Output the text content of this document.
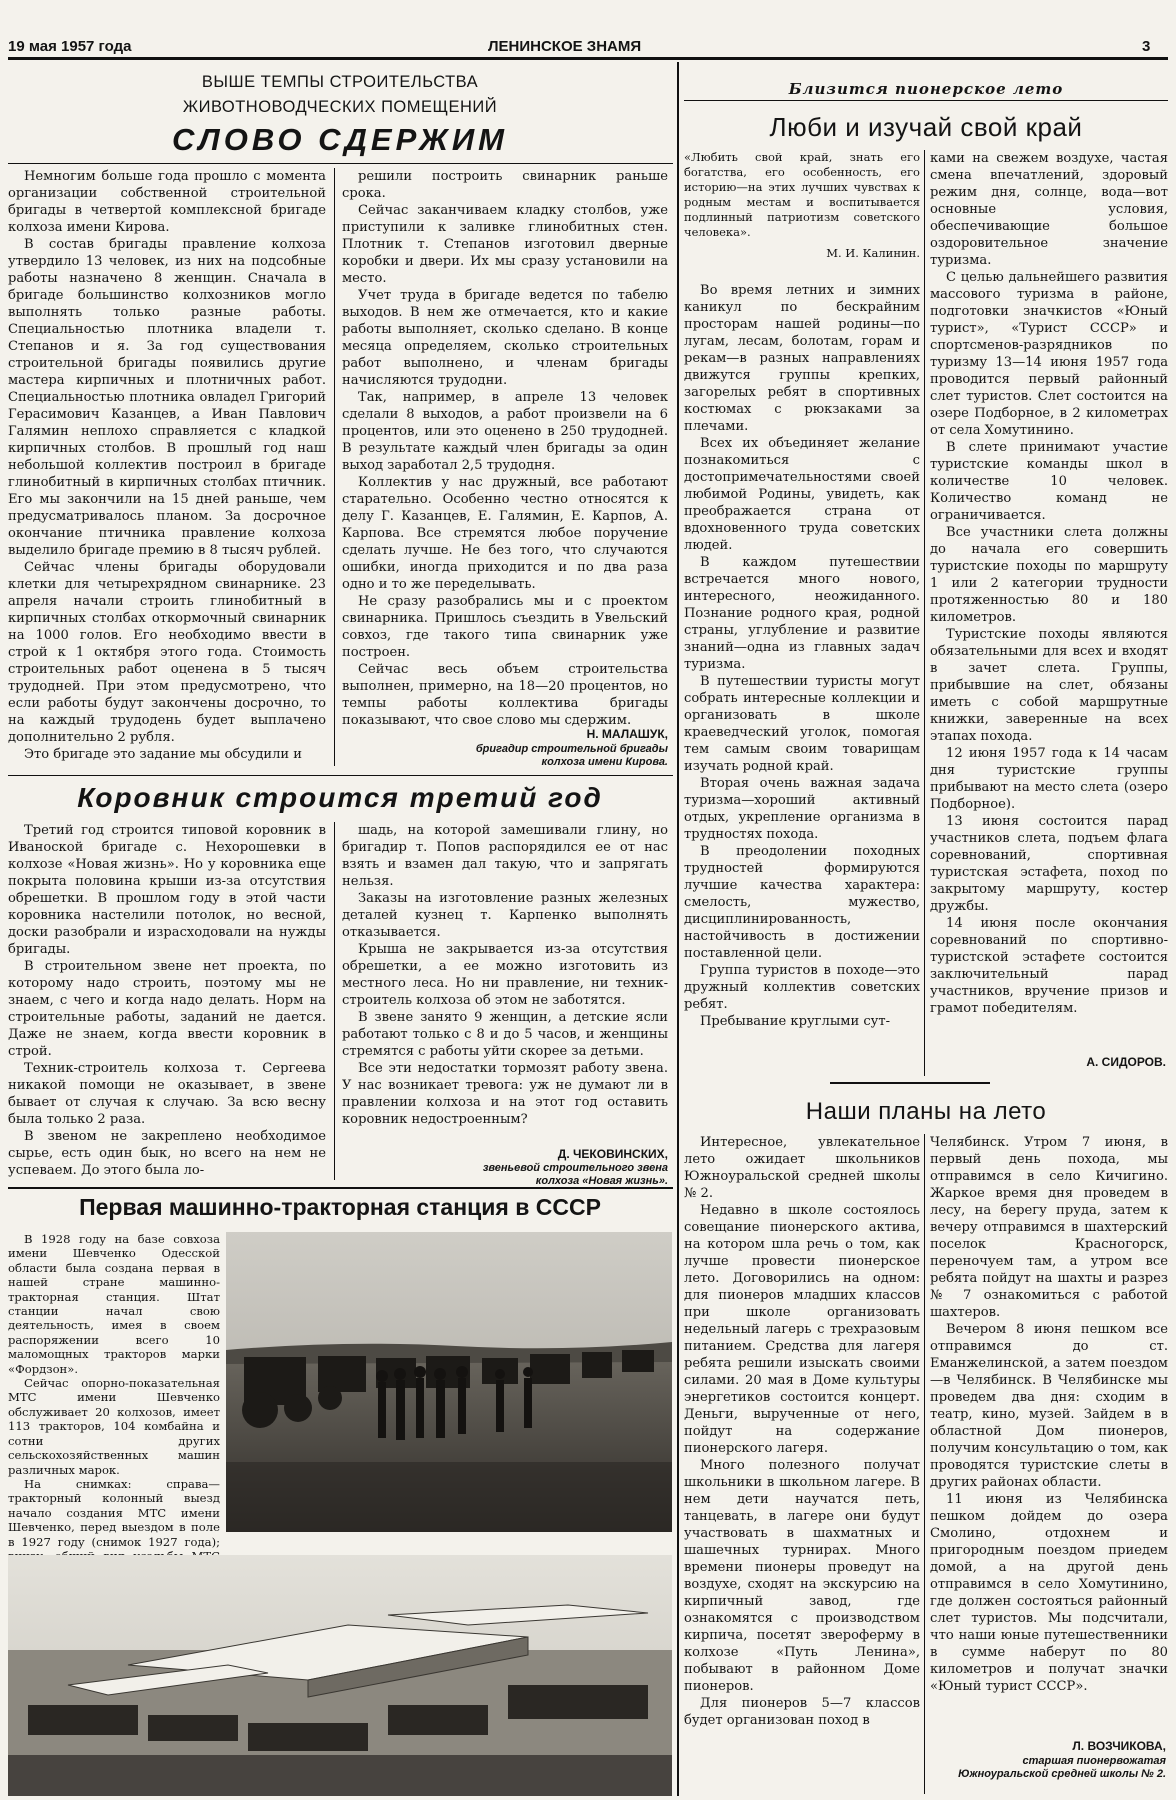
19 мая 1957 года	ЛЕНИНСКОЕ ЗНАМЯ	3
ВЫШЕ ТЕМПЫ СТРОИТЕЛЬСТВА
ЖИВОТНОВОДЧЕСКИХ ПОМЕЩЕНИЙ
СЛОВО СДЕРЖИМ

Немногим больше года прошло с момента организации собственной строительной бригады в четвертой комплексной бригаде колхоза имени Кирова.

В состав бригады правление колхоза утвердило 13 человек, из них на подсобные работы назначено 8 женщин. Сначала в бригаде большинство колхозников могло выполнять только разные работы. Специальностью плотника владели т. Степанов и я. За год существования строительной бригады появились другие мастера кирпичных и плотничных работ. Специальностью плотника овладел Григорий Герасимович Казанцев, а Иван Павлович Галямин неплохо справляется с кладкой кирпичных столбов. В прошлый год наш небольшой коллектив построил в бригаде глинобитный в кирпичных столбах птичник. Его мы закончили на 15 дней раньше, чем предусматривалось планом. За досрочное окончание птичника правление колхоза выделило бригаде премию в 8 тысяч рублей.

Сейчас члены бригады оборудовали клетки для четырехрядном свинарнике. 23 апреля начали строить глинобитный в кирпичных столбах откормочный свинарник на 1000 голов. Его необходимо ввести в строй к 1 октября этого года. Стоимость строительных работ оценена в 5 тысяч трудодней. При этом предусмотрено, что если работы будут закончены досрочно, то на каждый трудодень будет выплачено дополнительно 2 рубля.

Это бригаде это задание мы обсудили и

решили построить свинарник раньше срока.

Сейчас заканчиваем кладку столбов, уже приступили к заливке глинобитных стен. Плотник т. Степанов изготовил дверные коробки и двери. Их мы сразу установили на место.

Учет труда в бригаде ведется по табелю выходов. В нем же отмечается, кто и какие работы выполняет, сколько сделано. В конце месяца определяем, сколько строительных работ выполнено, и членам бригады начисляются трудодни.

Так, например, в апреле 13 человек сделали 8 выходов, а работ произвели на 6 процентов, или это оценено в 250 трудодней. В результате каждый член бригады за один выход заработал 2,5 трудодня.

Коллектив у нас дружный, все работают старательно. Особенно честно относятся к делу Г. Казанцев, Е. Галямин, Е. Карпов, А. Карпова. Все стремятся любое поручение сделать лучше. Не без того, что случаются ошибки, иногда приходится и по два раза одно и то же переделывать.

Не сразу разобрались мы и с проектом свинарника. Пришлось съездить в Увельский совхоз, где такого типа свинарник уже построен.

Сейчас весь объем строительства выполнен, примерно, на 18—20 процентов, но темпы работы коллектива бригады показывают, что свое слово мы сдержим.

Н. МАЛАШУК,
бригадир строительной бригады колхоза имени Кирова.
Коровник строится третий год

Третий год строится типовой коровник в Иваноской бригаде с. Нехорошевки в колхозе «Новая жизнь». Но у коровника еще покрыта половина крыши из-за отсутствия обрешетки. В прошлом году в этой части коровника настелили потолок, но весной, доски разобрали и израсходовали на нужды бригады.

В строительном звене нет проекта, по которому надо строить, поэтому мы не знаем, с чего и когда надо делать. Норм на строительные работы, заданий не дается. Даже не знаем, когда ввести коровник в строй.

Техник-строитель колхоза т. Сергеева никакой помощи не оказывает, в звене бывает от случая к случаю. За всю весну была только 2 раза.

В звеном не закреплено необходимое сырье, есть один бык, но всего на нем не успеваем. До этого была ло-

шадь, на которой замешивали глину, но бригадир т. Попов распорядился ее от нас взять и взамен дал такую, что и запрягать нельзя.

Заказы на изготовление разных железных деталей кузнец т. Карпенко выполнять отказывается.

Крыша не закрывается из-за отсутствия обрешетки, а ее можно изготовить из местного леса. Но ни правление, ни техник-строитель колхоза об этом не заботятся.

В звене занято 9 женщин, а детские ясли работают только с 8 и до 5 часов, и женщины стремятся с работы уйти скорее за детьми.

Все эти недостатки тормозят работу звена. У нас возникает тревога: уж не думают ли в правлении колхоза и на этот год оставить коровник недостроенным?

Д. ЧЕКОВИНСКИХ,
звеньевой строительного звена колхоза «Новая жизнь».
Первая машинно-тракторная станция в СССР

В 1928 году на базе совхоза имени Шевченко Одесской области была создана первая в нашей стране машинно-тракторная станция. Штат станции начал свою деятельность, имея в своем распоряжении всего 10 маломощных тракторов марки «Фордзон».

Сейчас опорно-показательная МТС имени Шевченко обслуживает 20 колхозов, имеет 113 тракторов, 104 комбайна и сотни других сельскохозяйственных машин различных марок.

На снимках: справа—тракторный колонный выезд начало создания МТС имени Шевченко, перед выездом в поле в 1927 году (снимок 1927 года);

Близится пионерское лето
Люби и изучай свой край
«Любить свой край, знать его богатства, его особенность, его историю—на этих лучших чувствах к родным местам и воспитывается подлинный патриотизм советского человека».
М. И. Калинин.

Во время летних и зимних каникул по бескрайним просторам нашей родины—по лугам, лесам, болотам, горам и рекам—в разных направлениях движутся группы крепких, загорелых ребят в спортивных костюмах с рюкзаками за плечами.

Всех их объединяет желание познакомиться с достопримечательностями своей любимой Родины, увидеть, как преображается страна от вдохновенного труда советских людей.

В каждом путешествии встречается много нового, интересного, неожиданного. Познание родного края, родной страны, углубление и развитие знаний—одна из главных задач туризма.

В путешествии туристы могут собрать интересные коллекции и организовать в школе краеведческий уголок, помогая тем самым своим товарищам изучать родной край.

Вторая очень важная задача туризма—хороший активный отдых, укрепление организма в трудностях похода.

В преодолении походных трудностей формируются лучшие качества характера: смелость, мужество, дисциплинированность, настойчивость в достижении поставленной цели.

Группа туристов в походе—это дружный коллектив советских ребят.

Пребывание круглыми сут-

ками на свежем воздухе, частая смена впечатлений, здоровый режим дня, солнце, вода—вот основные условия, обеспечивающие большое оздоровительное значение туризма.

С целью дальнейшего развития массового туризма в районе, подготовки значкистов «Юный турист», «Турист СССР» и спортсменов-разрядников по туризму 13—14 июня 1957 года проводится первый районный слет туристов. Слет состоится на озере Подборное, в 2 километрах от села Хомутинино.

В слете принимают участие туристские команды школ в количестве 10 человек. Количество команд не ограничивается.

Все участники слета должны до начала его совершить туристские походы по маршруту 1 или 2 категории трудности протяженностью 80 и 180 километров.

Туристские походы являются обязательными для всех и входят в зачет слета. Группы, прибывшие на слет, обязаны иметь с собой маршрутные книжки, заверенные на всех этапах похода.

12 июня 1957 года к 14 часам дня туристские группы прибывают на место слета (озеро Подборное).

13 июня состоится парад участников слета, подъем флага соревнований, спортивная туристская эстафета, поход по закрытому маршруту, костер дружбы.

14 июня после окончания соревнований по спортивно-туристской эстафете состоится заключительный парад участников, вручение призов и грамот победителям.

А. СИДОРОВ.
Наши планы на лето

Интересное, увлекательное лето ожидает школьников Южноуральской средней школы № 2.

Недавно в школе состоялось совещание пионерского актива, на котором шла речь о том, как лучше провести пионерское лето. Договорились на одном: для пионеров младших классов при школе организовать недельный лагерь с трехразовым питанием. Средства для лагеря ребята решили изыскать своими силами. 20 мая в Доме культуры энергетиков состоится концерт. Деньги, вырученные от него, пойдут на содержание пионерского лагеря.

Много полезного получат школьники в школьном лагере. В нем дети научатся петь, танцевать, в лагере они будут участвовать в шахматных и шашечных турнирах. Много времени пионеры проведут на воздухе, сходят на экскурсию на кирпичный завод, где ознакомятся с производством кирпича, посетят звероферму в колхозе «Путь Ленина», побывают в районном Доме пионеров.

Для пионеров 5—7 классов будет организован поход в

Челябинск. Утром 7 июня, в первый день похода, мы отправимся в село Кичигино. Жаркое время дня проведем в лесу, на берегу пруда, затем к вечеру отправимся в шахтерский поселок Красногорск, переночуем там, а утром все ребята пойдут на шахты и разрез № 7 ознакомиться с работой шахтеров.

Вечером 8 июня пешком все отправимся до ст. Еманжелинской, а затем поездом—в Челябинск. В Челябинске мы проведем два дня: сходим в театр, кино, музей. Зайдем в в областной Дом пионеров, получим консультацию о том, как проводятся туристские слеты в других районах области.

11 июня из Челябинска пешком дойдем до озера Смолино, отдохнем и пригородным поездом приедем домой, а на другой день отправимся в село Хомутинино, где должен состояться районный слет туристов. Мы подсчитали, что наши юные путешественники в сумме наберут по 80 километров и получат значки «Юный турист СССР».

Л. ВОЗЧИКОВА,
старшая пионервожатая Южноуральской средней школы № 2.
